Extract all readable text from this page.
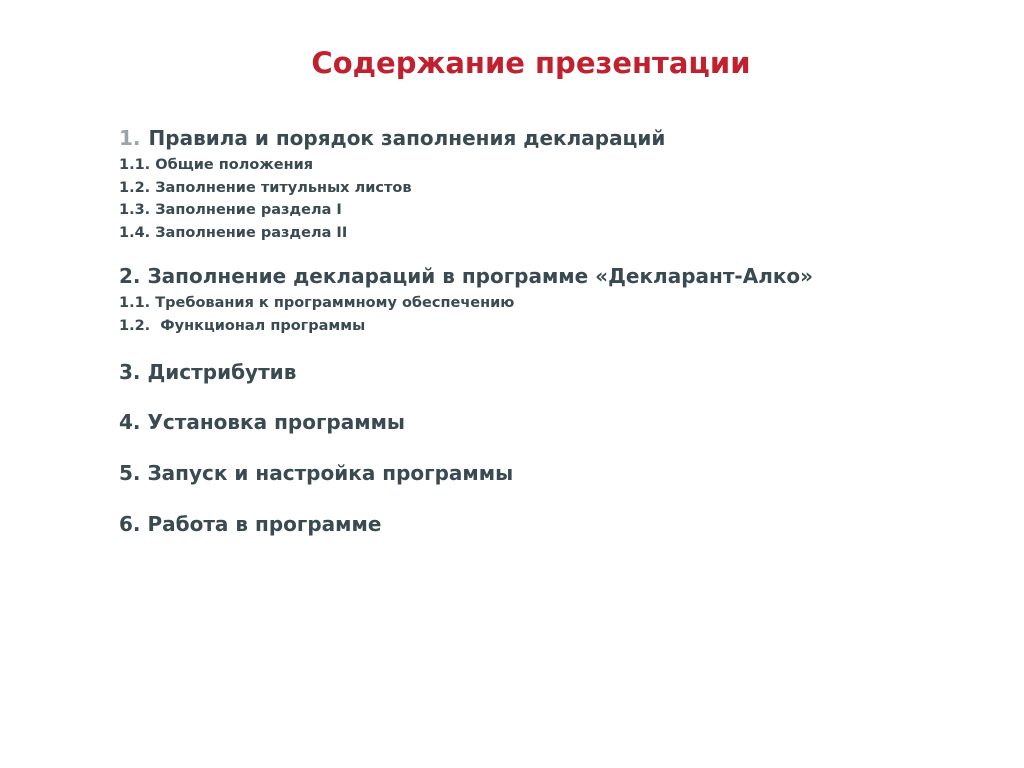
Содержание презентации
1. Правила и порядок заполнения деклараций
1.1. Общие положения
1.2. Заполнение титульных листов
1.3. Заполнение раздела I
1.4. Заполнение раздела II
2. Заполнение деклараций в программе «Декларант-Алко»
1.1. Требования к программному обеспечению
1.2.  Функционал программы
3. Дистрибутив
4. Установка программы
5. Запуск и настройка программы
6. Работа в программе
